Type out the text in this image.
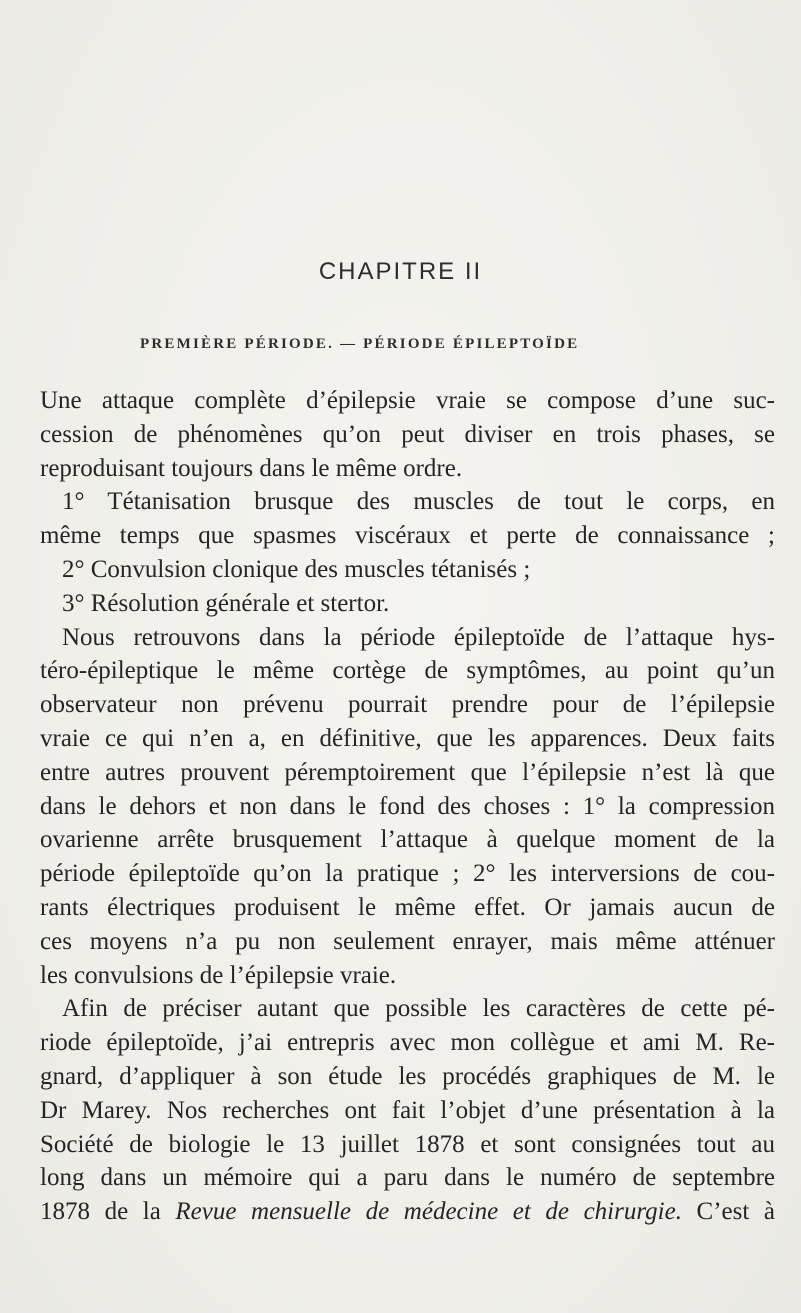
CHAPITRE II
PREMIÈRE PÉRIODE. — PÉRIODE ÉPILEPTOÏDE
Une attaque complète d’épilepsie vraie se compose d’une suc-
cession de phénomènes qu’on peut diviser en trois phases, se
reproduisant toujours dans le même ordre.
1° Tétanisation brusque des muscles de tout le corps, en
même temps que spasmes viscéraux et perte de connaissance ;
2° Convulsion clonique des muscles tétanisés ;
3° Résolution générale et stertor.
Nous retrouvons dans la période épileptoïde de l’attaque hys-
téro-épileptique le même cortège de symptômes, au point qu’un
observateur non prévenu pourrait prendre pour de l’épilepsie
vraie ce qui n’en a, en définitive, que les apparences. Deux faits
entre autres prouvent péremptoirement que l’épilepsie n’est là que
dans le dehors et non dans le fond des choses : 1° la compression
ovarienne arrête brusquement l’attaque à quelque moment de la
période épileptoïde qu’on la pratique ; 2° les interversions de cou-
rants électriques produisent le même effet. Or jamais aucun de
ces moyens n’a pu non seulement enrayer, mais même atténuer
les convulsions de l’épilepsie vraie.
Afin de préciser autant que possible les caractères de cette pé-
riode épileptoïde, j’ai entrepris avec mon collègue et ami M. Re-
gnard, d’appliquer à son étude les procédés graphiques de M. le
Dr Marey. Nos recherches ont fait l’objet d’une présentation à la
Société de biologie le 13 juillet 1878 et sont consignées tout au
long dans un mémoire qui a paru dans le numéro de septembre
1878 de la Revue mensuelle de médecine et de chirurgie. C’est à
